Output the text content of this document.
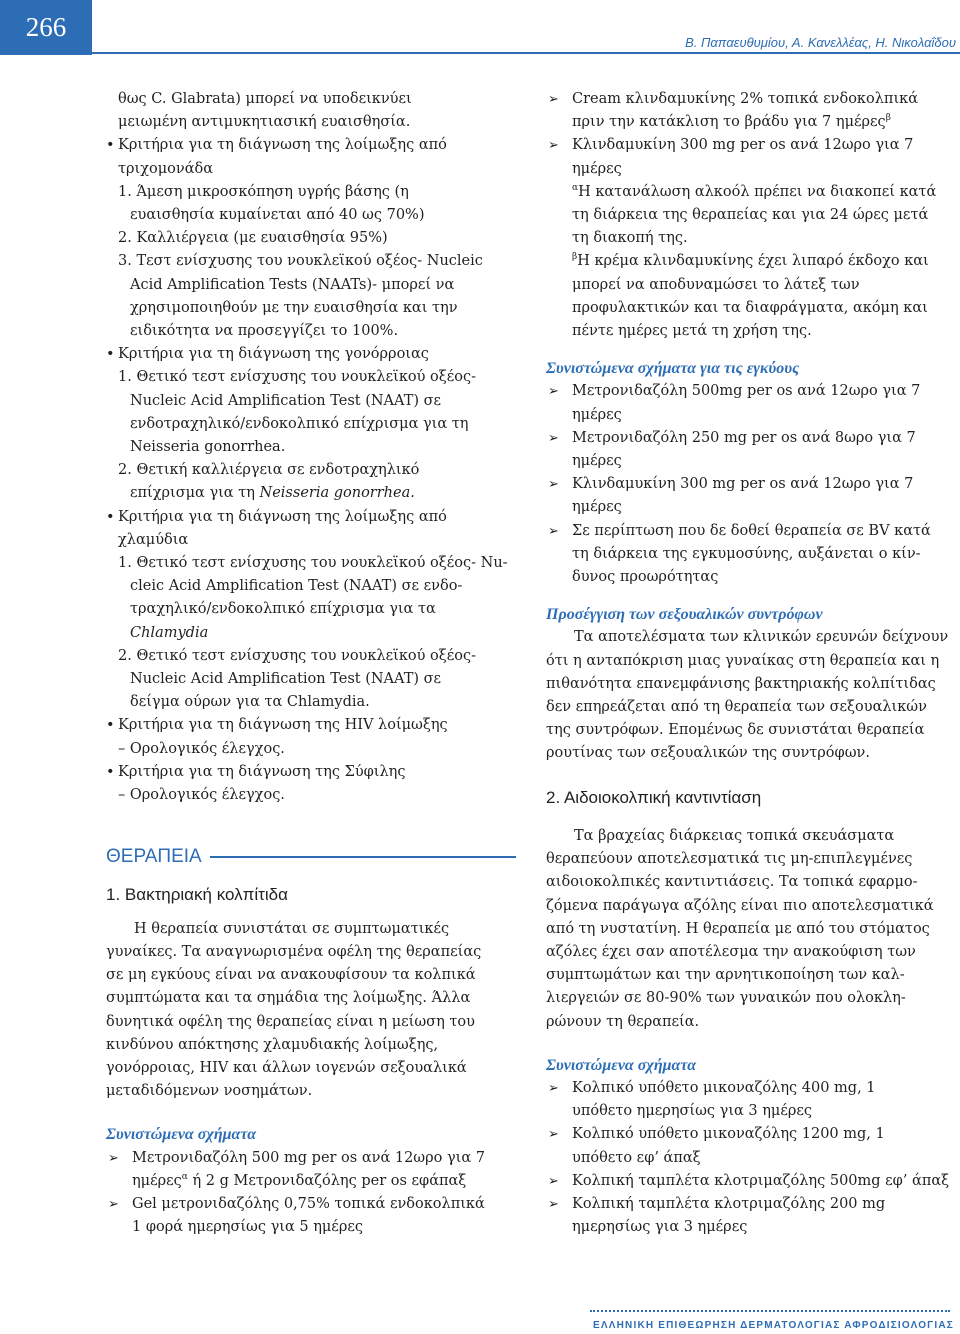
266
Β. Παπαευθυμίου, Α. Κανελλέας, Η. Νικολαΐδου
θως C. Glabrata) μπορεί να υποδεικνύει
μειωμένη αντιμυκητιασική ευαισθησία.
• Κριτήρια για τη διάγνωση της λοίμωξης από
τριχομονάδα
1. Άμεση μικροσκόπηση υγρής βάσης (η
ευαισθησία κυμαίνεται από 40 ως 70%)
2. Καλλιέργεια (με ευαισθησία 95%)
3. Τεστ ενίσχυσης του νουκλεϊκού οξέος- Nucleic
Acid Amplification Tests (NAATs)- μπορεί να
χρησιμοποιηθούν με την ευαισθησία και την
ειδικότητα να προσεγγίζει το 100%.
• Κριτήρια για τη διάγνωση της γονόρροιας
1. Θετικό τεστ ενίσχυσης του νουκλεϊκού οξέος-
Nucleic Acid Amplification Test (NAAT) σε
ενδοτραχηλικό/ενδοκολπικό επίχρισμα για τη
Neisseria gonorrhea.
2. Θετική καλλιέργεια σε ενδοτραχηλικό
επίχρισμα για τη Neisseria gonorrhea.
• Κριτήρια για τη διάγνωση της λοίμωξης από
χλαμύδια
1. Θετικό τεστ ενίσχυσης του νουκλεϊκού οξέος- Nu-
cleic Acid Amplification Test (NAAT) σε ενδο-
τραχηλικό/ενδοκολπικό επίχρισμα για τα
Chlamydia
2. Θετικό τεστ ενίσχυσης του νουκλεϊκού οξέος-
Nucleic Acid Amplification Test (NAAT) σε
δείγμα ούρων για τα Chlamydia.
• Κριτήρια για τη διάγνωση της HIV λοίμωξης
– Ορολογικός έλεγχος.
• Κριτήρια για τη διάγνωση της Σύφιλης
– Ορολογικός έλεγχος.
ΘΕΡΑΠΕΙΑ
1. Βακτηριακή κολπίτιδα
Η θεραπεία συνιστάται σε συμπτωματικές
γυναίκες. Τα αναγνωρισμένα οφέλη της θεραπείας
σε μη εγκύους είναι να ανακουφίσουν τα κολπικά
συμπτώματα και τα σημάδια της λοίμωξης. Άλλα
δυνητικά οφέλη της θεραπείας είναι η μείωση του
κινδύνου απόκτησης χλαμυδιακής λοίμωξης,
γονόρροιας, HIV και άλλων ιογενών σεξουαλικά
μεταδιδόμενων νοσημάτων.
Συνιστώμενα σχήματα
➢ Μετρονιδαζόλη 500 mg per os ανά 12ωρο για 7
ημέρες$^\alpha$ ή 2 g Μετρονιδαζόλης per os εφάπαξ
➢ Gel μετρονιδαζόλης 0,75% τοπικά ενδοκολπικά
1 φορά ημερησίως για 5 ημέρες
➢ Cream κλινδαμυκίνης 2% τοπικά ενδοκολπικά
πριν την κατάκλιση το βράδυ για 7 ημέρες$^\beta$
➢ Κλινδαμυκίνη 300 mg per os ανά 12ωρο για 7
ημέρες
$^\alpha$Η κατανάλωση αλκοόλ πρέπει να διακοπεί κατά
τη διάρκεια της θεραπείας και για 24 ώρες μετά
τη διακοπή της.
$^\beta$Η κρέμα κλινδαμυκίνης έχει λιπαρό έκδοχο και
μπορεί να αποδυναμώσει το λάτεξ των
προφυλακτικών και τα διαφράγματα, ακόμη και
πέντε ημέρες μετά τη χρήση της.
Συνιστώμενα σχήματα για τις εγκύους
➢ Μετρονιδαζόλη 500mg per os ανά 12ωρο για 7
ημέρες
➢ Μετρονιδαζόλη 250 mg per os ανά 8ωρο για 7
ημέρες
➢ Κλινδαμυκίνη 300 mg per os ανά 12ωρο για 7
ημέρες
➢ Σε περίπτωση που δε δοθεί θεραπεία σε BV κατά
τη διάρκεια της εγκυμοσύνης, αυξάνεται ο κίν-
δυνος προωρότητας
Προσέγγιση των σεξουαλικών συντρόφων
Τα αποτελέσματα των κλινικών ερευνών δείχνουν
ότι η ανταπόκριση μιας γυναίκας στη θεραπεία και η
πιθανότητα επανεμφάνισης βακτηριακής κολπίτιδας
δεν επηρεάζεται από τη θεραπεία των σεξουαλικών
της συντρόφων. Επομένως δε συνιστάται θεραπεία
ρουτίνας των σεξουαλικών της συντρόφων.
2. Αιδοιοκολπική καντιντίαση
Τα βραχείας διάρκειας τοπικά σκευάσματα
θεραπεύουν αποτελεσματικά τις μη-επιπλεγμένες
αιδοιοκολπικές καντιντιάσεις. Τα τοπικά εφαρμο-
ζόμενα παράγωγα αζόλης είναι πιο αποτελεσματικά
από τη νυστατίνη. Η θεραπεία με από του στόματος
αζόλες έχει σαν αποτέλεσμα την ανακούφιση των
συμπτωμάτων και την αρνητικοποίηση των καλ-
λιεργειών σε 80-90% των γυναικών που ολοκλη-
ρώνουν τη θεραπεία.
Συνιστώμενα σχήματα
➢ Κολπικό υπόθετο μικοναζόλης 400 mg, 1
υπόθετο ημερησίως για 3 ημέρες
➢ Κολπικό υπόθετο μικοναζόλης 1200 mg, 1
υπόθετο εφ’ άπαξ
➢ Κολπική ταμπλέτα κλοτριμαζόλης 500mg εφ’ άπαξ
➢ Κολπική ταμπλέτα κλοτριμαζόλης 200 mg
ημερησίως για 3 ημέρες
ΕΛΛΗΝΙΚΗ ΕΠΙΘΕΩΡΗΣΗ ΔΕΡΜΑΤΟΛΟΓΙΑΣ ΑΦΡΟΔΙΣΙΟΛΟΓΙΑΣ
